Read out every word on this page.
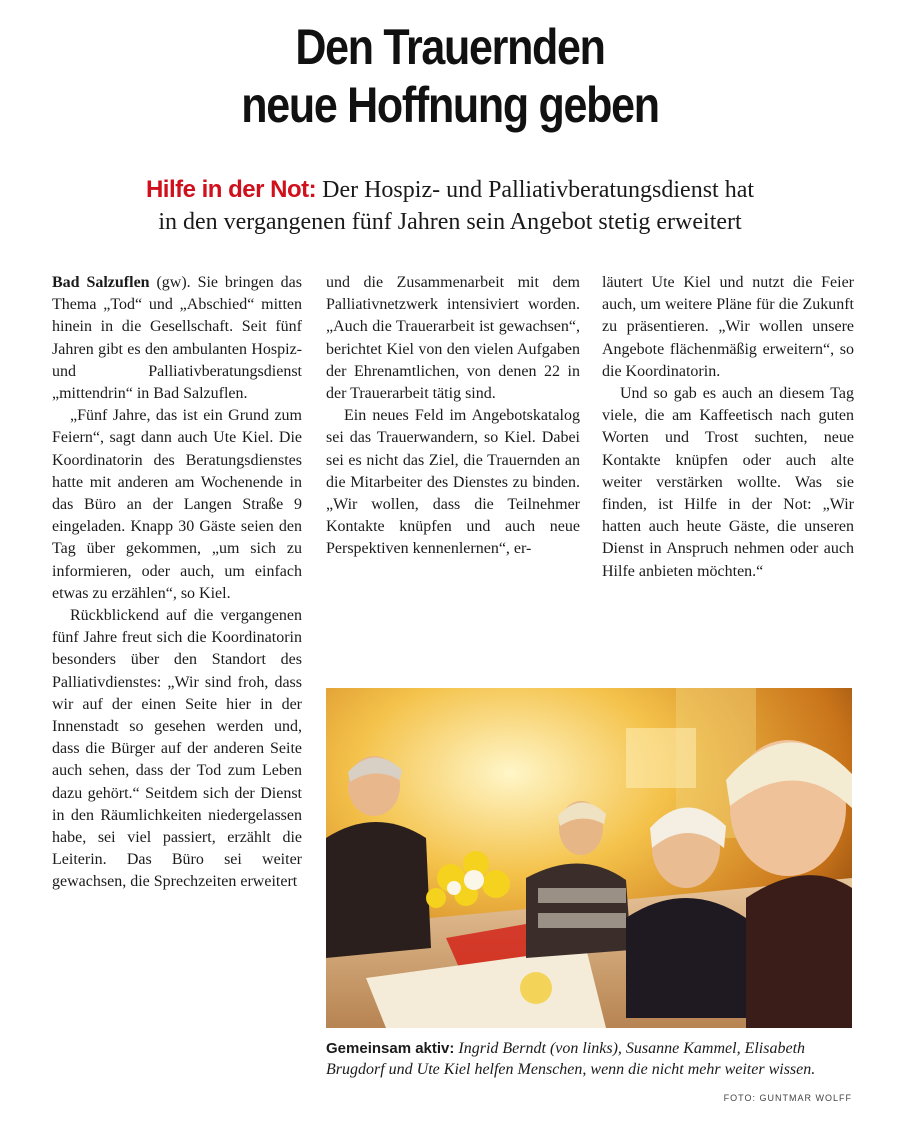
Den Trauernden
neue Hoffnung geben
Hilfe in der Not: Der Hospiz- und Palliativberatungsdienst hat
in den vergangenen fünf Jahren sein Angebot stetig erweitert

Bad Salzuflen (gw). Sie bringen das Thema „Tod“ und „Abschied“ mitten hinein in die Gesellschaft. Seit fünf Jahren gibt es den ambulanten Hospiz- und Palliativberatungsdienst „mittendrin“ in Bad Salzuflen.

„Fünf Jahre, das ist ein Grund zum Feiern“, sagt dann auch Ute Kiel. Die Koordinatorin des Beratungsdienstes hatte mit anderen am Wochenende in das Büro an der Langen Straße 9 eingeladen. Knapp 30 Gäste seien den Tag über gekommen, „um sich zu informieren, oder auch, um einfach etwas zu erzählen“, so Kiel.

Rückblickend auf die vergangenen fünf Jahre freut sich die Koordinatorin besonders über den Standort des Palliativdienstes: „Wir sind froh, dass wir auf der einen Seite hier in der Innenstadt so gesehen werden und, dass die Bürger auf der anderen Seite auch sehen, dass der Tod zum Leben dazu gehört.“ Seitdem sich der Dienst in den Räumlichkeiten niedergelassen habe, sei viel passiert, erzählt die Leiterin. Das Büro sei weiter gewachsen, die Sprechzeiten erweitert

und die Zusammenarbeit mit dem Palliativnetzwerk intensiviert worden. „Auch die Trauerarbeit ist gewachsen“, berichtet Kiel von den vielen Aufgaben der Ehrenamtlichen, von denen 22 in der Trauerarbeit tätig sind.

Ein neues Feld im Angebotskatalog sei das Trauerwandern, so Kiel. Dabei sei es nicht das Ziel, die Trauernden an die Mitarbeiter des Dienstes zu binden. „Wir wollen, dass die Teilnehmer Kontakte knüpfen und auch neue Perspektiven kennenlernen“, er-

läutert Ute Kiel und nutzt die Feier auch, um weitere Pläne für die Zukunft zu präsentieren. „Wir wollen unsere Angebote flächenmäßig erweitern“, so die Koordinatorin.

Und so gab es auch an diesem Tag viele, die am Kaffeetisch nach guten Worten und Trost suchten, neue Kontakte knüpfen oder auch alte weiter verstärken wollte. Was sie finden, ist Hilfe in der Not: „Wir hatten auch heute Gäste, die unseren Dienst in Anspruch nehmen oder auch Hilfe anbieten möchten.“

Gemeinsam aktiv: Ingrid Berndt (von links), Susanne Kammel, Elisabeth Brugdorf und Ute Kiel helfen Menschen, wenn die nicht mehr weiter wissen.
FOTO: GUNTMAR WOLFF
